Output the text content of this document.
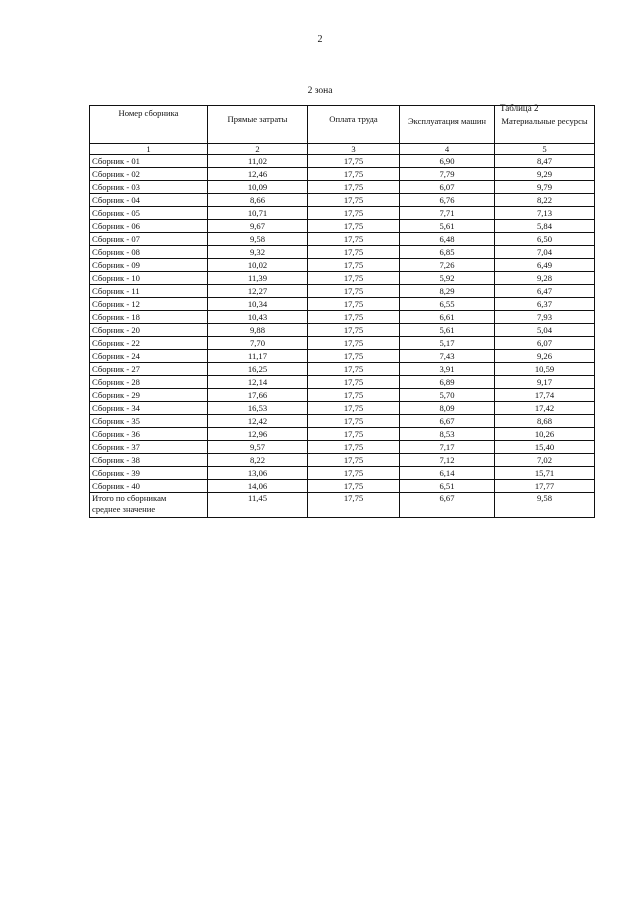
2
2 зона
Таблица 2
Номер сборника	Прямые затраты	Оплата труда	Эксплуатация машин	Материальные ресурсы
1	2	3	4	5
Сборник - 01	11,02	17,75	6,90	8,47
Сборник - 02	12,46	17,75	7,79	9,29
Сборник - 03	10,09	17,75	6,07	9,79
Сборник - 04	8,66	17,75	6,76	8,22
Сборник - 05	10,71	17,75	7,71	7,13
Сборник - 06	9,67	17,75	5,61	5,84
Сборник - 07	9,58	17,75	6,48	6,50
Сборник - 08	9,32	17,75	6,85	7,04
Сборник - 09	10,02	17,75	7,26	6,49
Сборник - 10	11,39	17,75	5,92	9,28
Сборник - 11	12,27	17,75	8,29	6,47
Сборник - 12	10,34	17,75	6,55	6,37
Сборник - 18	10,43	17,75	6,61	7,93
Сборник - 20	9,88	17,75	5,61	5,04
Сборник - 22	7,70	17,75	5,17	6,07
Сборник - 24	11,17	17,75	7,43	9,26
Сборник - 27	16,25	17,75	3,91	10,59
Сборник - 28	12,14	17,75	6,89	9,17
Сборник - 29	17,66	17,75	5,70	17,74
Сборник - 34	16,53	17,75	8,09	17,42
Сборник - 35	12,42	17,75	6,67	8,68
Сборник - 36	12,96	17,75	8,53	10,26
Сборник - 37	9,57	17,75	7,17	15,40
Сборник - 38	8,22	17,75	7,12	7,02
Сборник - 39	13,06	17,75	6,14	15,71
Сборник - 40	14,06	17,75	6,51	17,77
Итого по сборникам
среднее значение	11,45	17,75	6,67	9,58
